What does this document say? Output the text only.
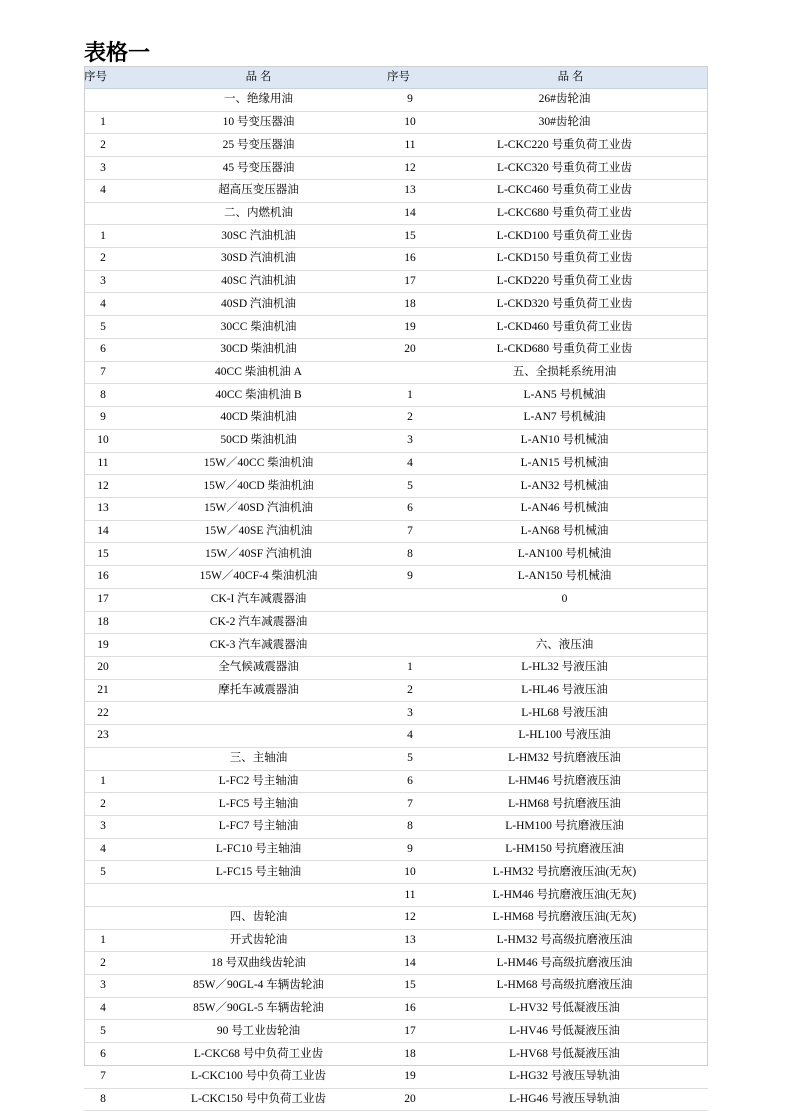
表格一
序号	品 名	序号	品 名
	一、绝缘用油	9	26#齿轮油
1	10 号变压器油	10	30#齿轮油
2	25 号变压器油	11	L-CKC220 号重负荷工业齿
3	45 号变压器油	12	L-CKC320 号重负荷工业齿
4	超高压变压器油	13	L-CKC460 号重负荷工业齿
	二、内燃机油	14	L-CKC680 号重负荷工业齿
1	30SC 汽油机油	15	L-CKD100 号重负荷工业齿
2	30SD 汽油机油	16	L-CKD150 号重负荷工业齿
3	40SC 汽油机油	17	L-CKD220 号重负荷工业齿
4	40SD 汽油机油	18	L-CKD320 号重负荷工业齿
5	30CC 柴油机油	19	L-CKD460 号重负荷工业齿
6	30CD 柴油机油	20	L-CKD680 号重负荷工业齿
7	40CC 柴油机油 A		五、全损耗系统用油
8	40CC 柴油机油 B	1	L-AN5 号机械油
9	40CD 柴油机油	2	L-AN7 号机械油
10	50CD 柴油机油	3	L-AN10 号机械油
11	15W／40CC 柴油机油	4	L-AN15 号机械油
12	15W／40CD 柴油机油	5	L-AN32 号机械油
13	15W／40SD 汽油机油	6	L-AN46 号机械油
14	15W／40SE 汽油机油	7	L-AN68 号机械油
15	15W／40SF 汽油机油	8	L-AN100 号机械油
16	15W／40CF-4 柴油机油	9	L-AN150 号机械油
17	CK-I 汽车减震器油		0
18	CK-2 汽车减震器油		
19	CK-3 汽车减震器油		六、液压油
20	全气候减震器油	1	L-HL32 号液压油
21	摩托车减震器油	2	L-HL46 号液压油
22		3	L-HL68 号液压油
23		4	L-HL100 号液压油
	三、主轴油	5	L-HM32 号抗磨液压油
1	L-FC2 号主轴油	6	L-HM46 号抗磨液压油
2	L-FC5 号主轴油	7	L-HM68 号抗磨液压油
3	L-FC7 号主轴油	8	L-HM100 号抗磨液压油
4	L-FC10 号主轴油	9	L-HM150 号抗磨液压油
5	L-FC15 号主轴油	10	L-HM32 号抗磨液压油(无灰)
		11	L-HM46 号抗磨液压油(无灰)
	四、齿轮油	12	L-HM68 号抗磨液压油(无灰)
1	开式齿轮油	13	L-HM32 号高级抗磨液压油
2	18 号双曲线齿轮油	14	L-HM46 号高级抗磨液压油
3	85W／90GL-4 车辆齿轮油	15	L-HM68 号高级抗磨液压油
4	85W／90GL-5 车辆齿轮油	16	L-HV32 号低凝液压油
5	90 号工业齿轮油	17	L-HV46 号低凝液压油
6	L-CKC68 号中负荷工业齿	18	L-HV68 号低凝液压油
7	L-CKC100 号中负荷工业齿	19	L-HG32 号液压导轨油
8	L-CKC150 号中负荷工业齿	20	L-HG46 号液压导轨油
